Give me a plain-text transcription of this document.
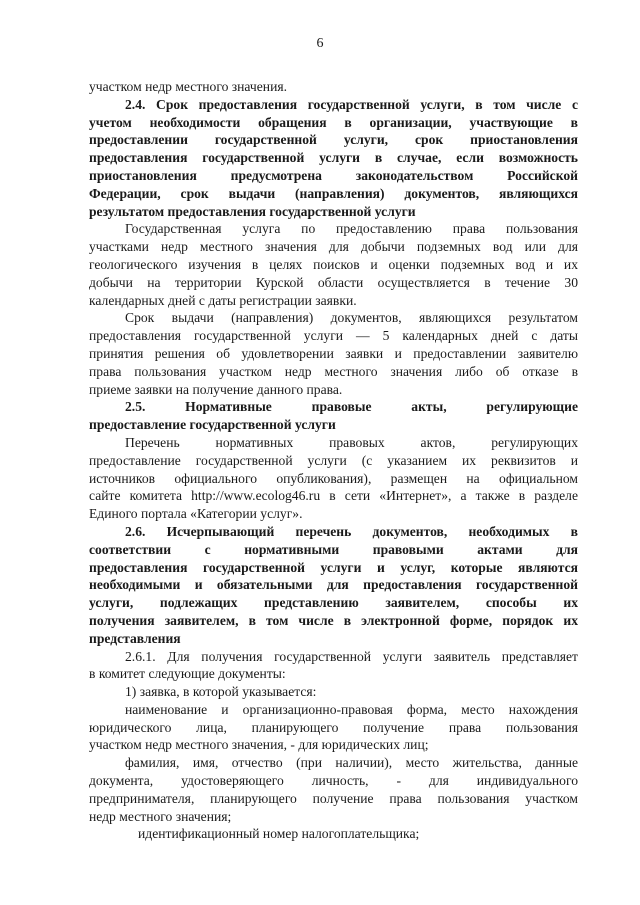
6
участком недр местного значения.
2.4. Срок предоставления государственной услуги, в том числе с
учетом необходимости обращения в организации, участвующие в
предоставлении государственной услуги, срок приостановления
предоставления государственной услуги в случае, если возможность
приостановления предусмотрена законодательством Российской
Федерации, срок выдачи (направления) документов, являющихся
результатом предоставления государственной услуги
Государственная услуга по предоставлению права пользования
участками недр местного значения для добычи подземных вод или для
геологического изучения в целях поисков и оценки подземных вод и их
добычи на территории Курской области осуществляется в течение 30
календарных дней с даты регистрации заявки.
Срок выдачи (направления) документов, являющихся результатом
предоставления государственной услуги — 5 календарных дней с даты
принятия решения об удовлетворении заявки и предоставлении заявителю
права пользования участком недр местного значения либо об отказе в
приеме заявки на получение данного права.
2.5. Нормативные правовые акты, регулирующие
предоставление государственной услуги
Перечень нормативных правовых актов, регулирующих
предоставление государственной услуги (с указанием их реквизитов и
источников официального опубликования), размещен на официальном
сайте комитета http://www.ecolog46.ru в сети «Интернет», а также в разделе
Единого портала «Категории услуг».
2.6. Исчерпывающий перечень документов, необходимых в
соответствии с нормативными правовыми актами для
предоставления государственной услуги и услуг, которые являются
необходимыми и обязательными для предоставления государственной
услуги, подлежащих представлению заявителем, способы их
получения заявителем, в том числе в электронной форме, порядок их
представления
2.6.1. Для получения государственной услуги заявитель представляет
в комитет следующие документы:
1) заявка, в которой указывается:
наименование и организационно-правовая форма, место нахождения
юридического лица, планирующего получение права пользования
участком недр местного значения, - для юридических лиц;
фамилия, имя, отчество (при наличии), место жительства, данные
документа, удостоверяющего личность, - для индивидуального
предпринимателя, планирующего получение права пользования участком
недр местного значения;
идентификационный номер налогоплательщика;
